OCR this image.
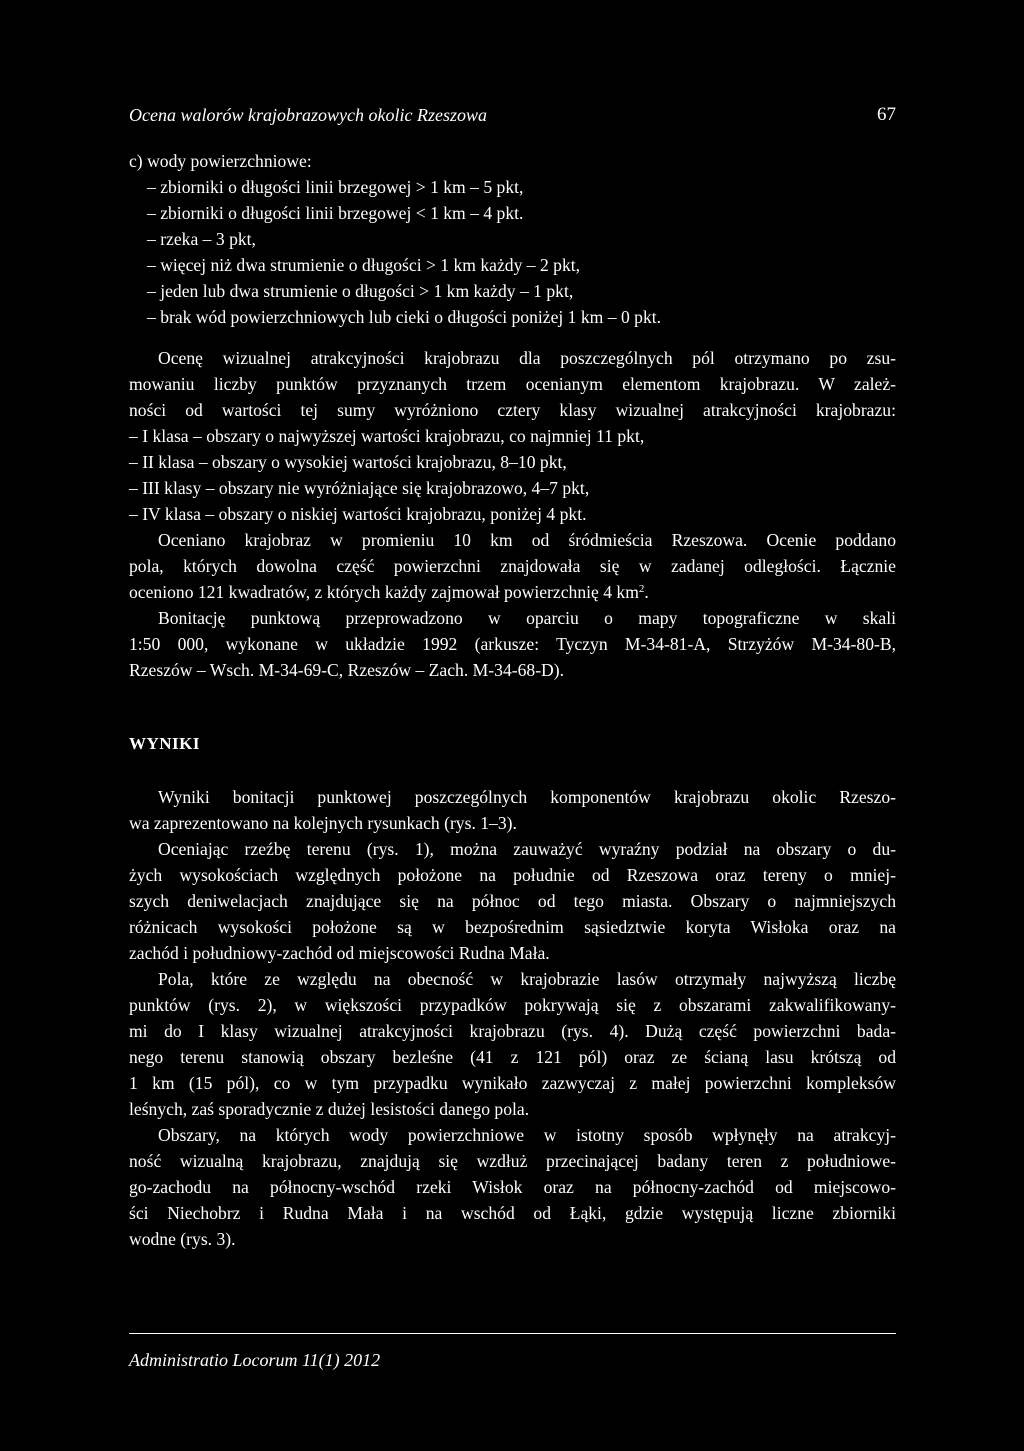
Ocena walorów krajobrazowych okolic Rzeszowa	67
c) wody powierzchniowe:
– zbiorniki o długości linii brzegowej > 1 km – 5 pkt,
– zbiorniki o długości linii brzegowej < 1 km – 4 pkt.
– rzeka – 3 pkt,
– więcej niż dwa strumienie o długości > 1 km każdy – 2 pkt,
– jeden lub dwa strumienie o długości > 1 km każdy – 1 pkt,
– brak wód powierzchniowych lub cieki o długości poniżej 1 km – 0 pkt.
Ocenę wizualnej atrakcyjności krajobrazu dla poszczególnych pól otrzymano po zsu-
mowaniu liczby punktów przyznanych trzem ocenianym elementom krajobrazu. W zależ-
ności od wartości tej sumy wyróżniono cztery klasy wizualnej atrakcyjności krajobrazu:
– I klasa – obszary o najwyższej wartości krajobrazu, co najmniej 11 pkt,
– II klasa – obszary o wysokiej wartości krajobrazu, 8–10 pkt,
– III klasy – obszary nie wyróżniające się krajobrazowo, 4–7 pkt,
– IV klasa – obszary o niskiej wartości krajobrazu, poniżej 4 pkt.
Oceniano krajobraz w promieniu 10 km od śródmieścia Rzeszowa. Ocenie poddano
pola, których dowolna część powierzchni znajdowała się w zadanej odległości. Łącznie
oceniono 121 kwadratów, z których każdy zajmował powierzchnię 4 $km^2$.
Bonitację punktową przeprowadzono w oparciu o mapy topograficzne w skali
1:50 000, wykonane w układzie 1992 (arkusze: Tyczyn M-34-81-A, Strzyżów M-34-80-B,
Rzeszów – Wsch. M-34-69-C, Rzeszów – Zach. M-34-68-D).
WYNIKI
Wyniki bonitacji punktowej poszczególnych komponentów krajobrazu okolic Rzeszo-
wa zaprezentowano na kolejnych rysunkach (rys. 1–3).
Oceniając rzeźbę terenu (rys. 1), można zauważyć wyraźny podział na obszary o du-
żych wysokościach względnych położone na południe od Rzeszowa oraz tereny o mniej-
szych deniwelacjach znajdujące się na północ od tego miasta. Obszary o najmniejszych
różnicach wysokości położone są w bezpośrednim sąsiedztwie koryta Wisłoka oraz na
zachód i południowy-zachód od miejscowości Rudna Mała.
Pola, które ze względu na obecność w krajobrazie lasów otrzymały najwyższą liczbę
punktów (rys. 2), w większości przypadków pokrywają się z obszarami zakwalifikowany-
mi do I klasy wizualnej atrakcyjności krajobrazu (rys. 4). Dużą część powierzchni bada-
nego terenu stanowią obszary bezleśne (41 z 121 pól) oraz ze ścianą lasu krótszą od
1 km (15 pól), co w tym przypadku wynikało zazwyczaj z małej powierzchni kompleksów
leśnych, zaś sporadycznie z dużej lesistości danego pola.
Obszary, na których wody powierzchniowe w istotny sposób wpłynęły na atrakcyj-
ność wizualną krajobrazu, znajdują się wzdłuż przecinającej badany teren z południowe-
go-zachodu na północny-wschód rzeki Wisłok oraz na północny-zachód od miejscowo-
ści Niechobrz i Rudna Mała i na wschód od Łąki, gdzie występują liczne zbiorniki
wodne (rys. 3).
Administratio Locorum 11(1) 2012
